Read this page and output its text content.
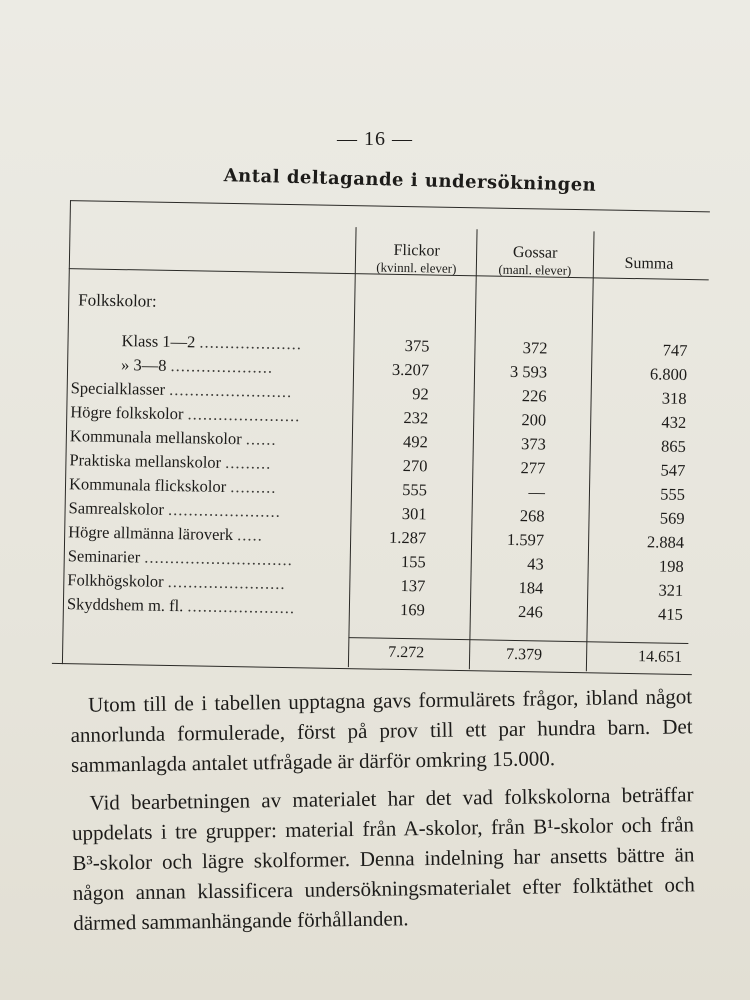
— 16 —
Antal deltagande i undersökningen
Flickor
(kvinnl. elever)
Gossar
(manl. elever)	Summa
Folkskolor:
Klass 1—2 ....................	375	372	747
» 3—8 ....................	3.207	3 593	6.800
Specialklasser ........................	92	226	318
Högre folkskolor ......................	232	200	432
Kommunala mellanskolor ......	492	373	865
Praktiska mellanskolor .........	270	277	547
Kommunala flickskolor .........	555	—	555
Samrealskolor ......................	301	268	569
Högre allmänna läroverk .....	1.287	1.597	2.884
Seminarier .............................	155	43	198
Folkhögskolor .......................	137	184	321
Skyddshem m. fl. .....................	169	246	415
7.272	7.379	14.651

Utom till de i tabellen upptagna gavs formulärets frågor, ibland något annorlunda formulerade, först på prov till ett par hundra barn. Det sammanlagda antalet utfrågade är därför omkring 15.000.

Vid bearbetningen av materialet har det vad folkskolorna beträffar uppdelats i tre grupper: material från A-skolor, från B¹-skolor och från B³-skolor och lägre skolformer. Denna indelning har ansetts bättre än någon annan klassificera undersökningsmaterialet efter folktäthet och därmed sammanhängande förhållanden.
